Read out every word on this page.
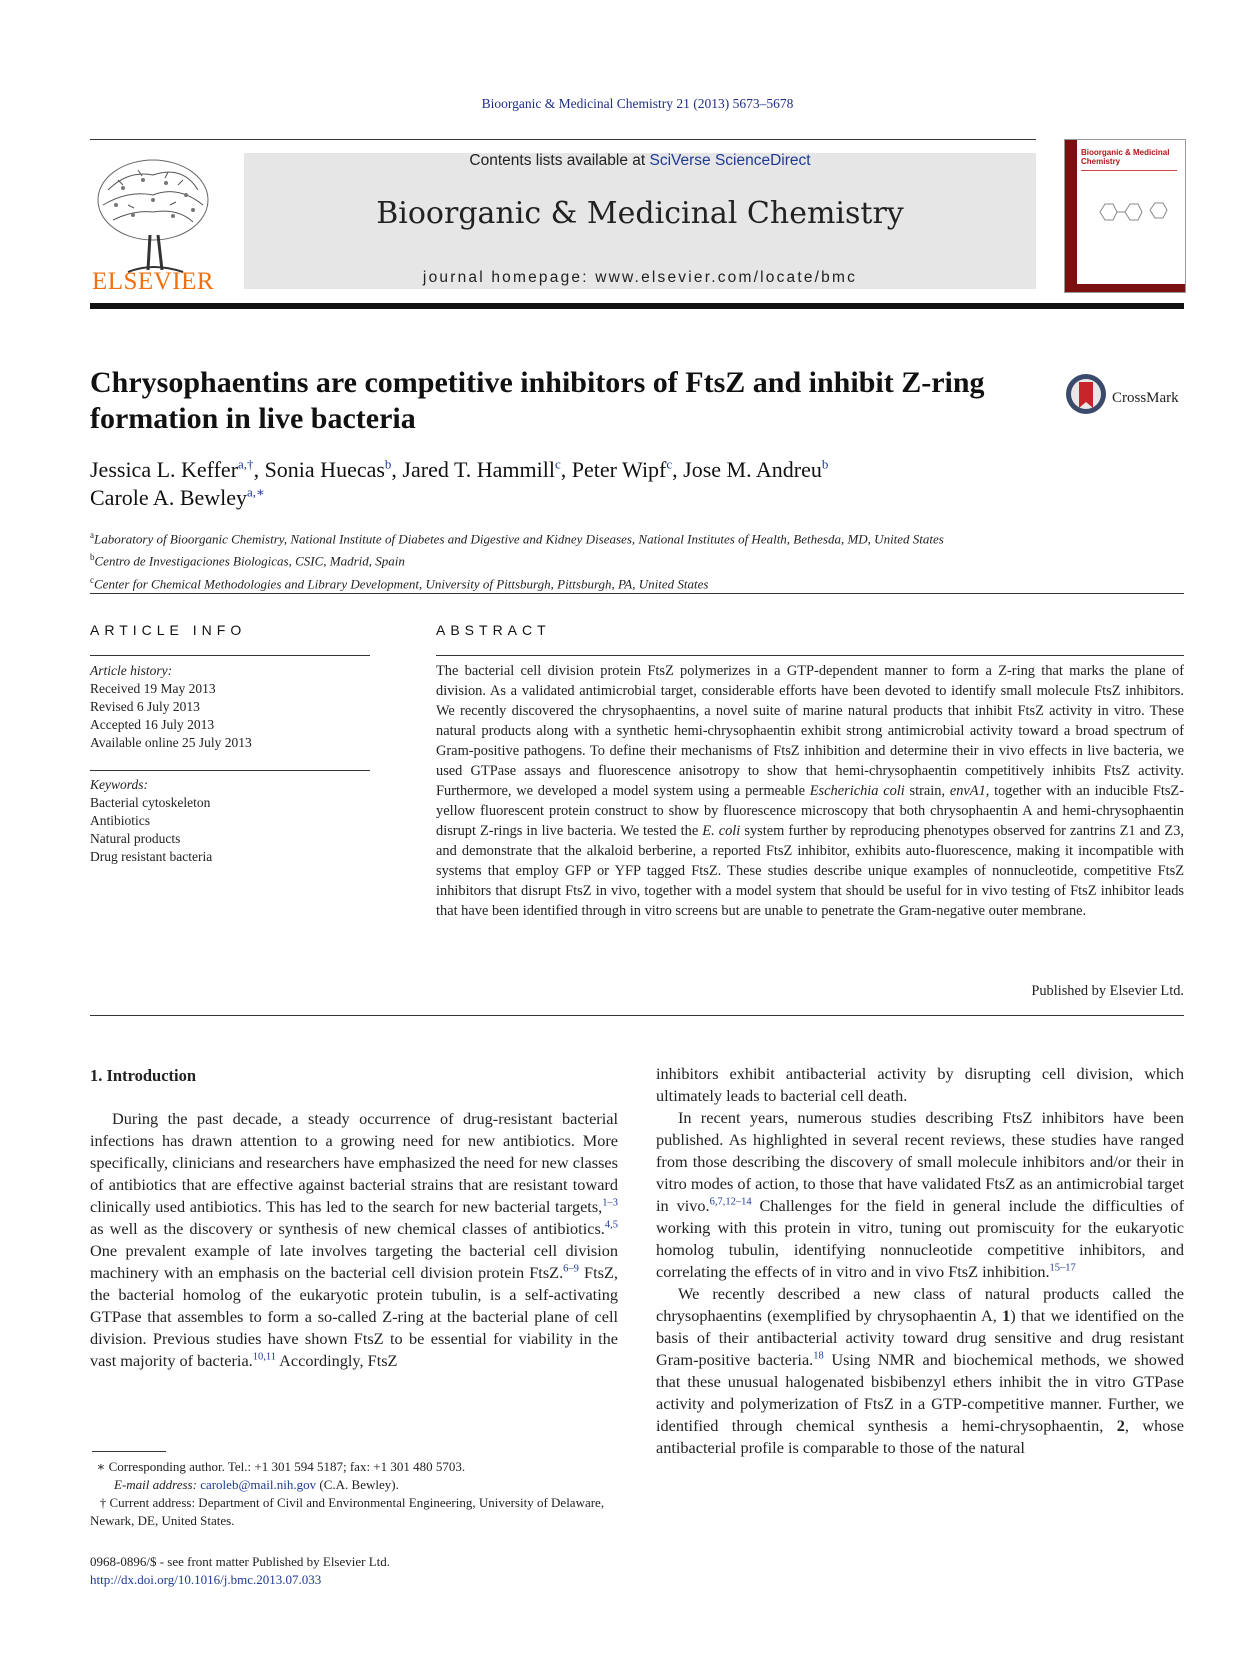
Bioorganic & Medicinal Chemistry 21 (2013) 5673–5678
ELSEVIER
Contents lists available at SciVerse ScienceDirect
Bioorganic & Medicinal Chemistry
journal homepage: www.elsevier.com/locate/bmc
Bioorganic & Medicinal
Chemistry
Chrysophaentins are competitive inhibitors of FtsZ and inhibit Z-ring
formation in live bacteria
CrossMark
Jessica L. Keffer$^{a,\dagger}$, Sonia Huecas$^b$, Jared T. Hammill$^c$, Peter Wipf$^c$, Jose M. Andreu$^b$
Carole A. Bewley$^{a,∗}$
$^a$Laboratory of Bioorganic Chemistry, National Institute of Diabetes and Digestive and Kidney Diseases, National Institutes of Health, Bethesda, MD, United States
$^b$Centro de Investigaciones Biologicas, CSIC, Madrid, Spain
$^c$Center for Chemical Methodologies and Library Development, University of Pittsburgh, Pittsburgh, PA, United States
ARTICLE INFO
Article history:
Received 19 May 2013
Revised 6 July 2013
Accepted 16 July 2013
Available online 25 July 2013
Keywords:
Bacterial cytoskeleton
Antibiotics
Natural products
Drug resistant bacteria
ABSTRACT
The bacterial cell division protein FtsZ polymerizes in a GTP-dependent manner to form a Z-ring that marks the plane of division. As a validated antimicrobial target, considerable efforts have been devoted to identify small molecule FtsZ inhibitors. We recently discovered the chrysophaentins, a novel suite of marine natural products that inhibit FtsZ activity in vitro. These natural products along with a synthetic hemi-chrysophaentin exhibit strong antimicrobial activity toward a broad spectrum of Gram-positive pathogens. To define their mechanisms of FtsZ inhibition and determine their in vivo effects in live bacteria, we used GTPase assays and fluorescence anisotropy to show that hemi-chrysophaentin competitively inhibits FtsZ activity. Furthermore, we developed a model system using a permeable Escherichia coli strain, envA1, together with an inducible FtsZ-yellow fluorescent protein construct to show by fluorescence microscopy that both chrysophaentin A and hemi-chrysophaentin disrupt Z-rings in live bacteria. We tested the E. coli system further by reproducing phenotypes observed for zantrins Z1 and Z3, and demonstrate that the alkaloid berberine, a reported FtsZ inhibitor, exhibits auto-fluorescence, making it incompatible with systems that employ GFP or YFP tagged FtsZ. These studies describe unique examples of nonnucleotide, competitive FtsZ inhibitors that disrupt FtsZ in vivo, together with a model system that should be useful for in vivo testing of FtsZ inhibitor leads that have been identified through in vitro screens but are unable to penetrate the Gram-negative outer membrane.
Published by Elsevier Ltd.
1. Introduction

During the past decade, a steady occurrence of drug-resistant bacterial infections has drawn attention to a growing need for new antibiotics. More specifically, clinicians and researchers have emphasized the need for new classes of antibiotics that are effective against bacterial strains that are resistant toward clinically used antibiotics. This has led to the search for new bacterial targets,$^{1-3}$ as well as the discovery or synthesis of new chemical classes of antibiotics.$^{4,5}$ One prevalent example of late involves targeting the bacterial cell division machinery with an emphasis on the bacterial cell division protein FtsZ.$^{6-9}$ FtsZ, the bacterial homolog of the eukaryotic protein tubulin, is a self-activating GTPase that assembles to form a so-called Z-ring at the bacterial plane of cell division. Previous studies have shown FtsZ to be essential for viability in the vast majority of bacteria.$^{10,11}$ Accordingly, FtsZ

inhibitors exhibit antibacterial activity by disrupting cell division, which ultimately leads to bacterial cell death.

In recent years, numerous studies describing FtsZ inhibitors have been published. As highlighted in several recent reviews, these studies have ranged from those describing the discovery of small molecule inhibitors and/or their in vitro modes of action, to those that have validated FtsZ as an antimicrobial target in vivo.$^{6,7,12-14}$ Challenges for the field in general include the difficulties of working with this protein in vitro, tuning out promiscuity for the eukaryotic homolog tubulin, identifying nonnucleotide competitive inhibitors, and correlating the effects of in vitro and in vivo FtsZ inhibition.$^{15-17}$

We recently described a new class of natural products called the chrysophaentins (exemplified by chrysophaentin A, 1) that we identified on the basis of their antibacterial activity toward drug sensitive and drug resistant Gram-positive bacteria.$^{18}$ Using NMR and biochemical methods, we showed that these unusual halogenated bisbibenzyl ethers inhibit the in vitro GTPase activity and polymerization of FtsZ in a GTP-competitive manner. Further, we identified through chemical synthesis a hemi-chrysophaentin, 2, whose antibacterial profile is comparable to those of the natural

∗ Corresponding author. Tel.: +1 301 594 5187; fax: +1 301 480 5703.

E-mail address: caroleb@mail.nih.gov (C.A. Bewley).

† Current address: Department of Civil and Environmental Engineering, University of Delaware, Newark, DE, United States.

0968-0896/$ - see front matter Published by Elsevier Ltd.
http://dx.doi.org/10.1016/j.bmc.2013.07.033
